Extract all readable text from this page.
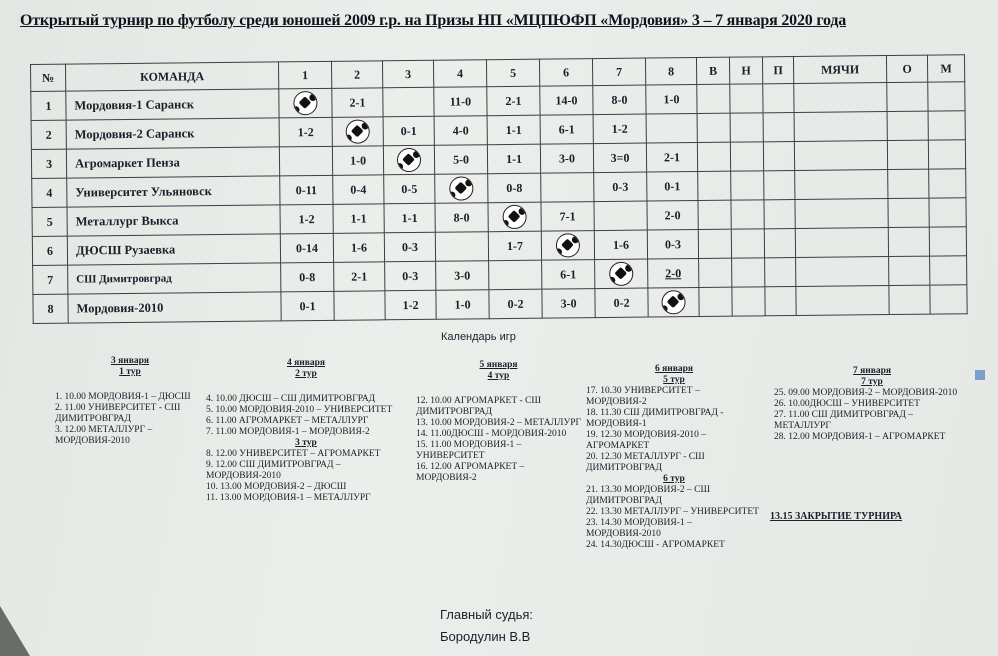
Открытый турнир по футболу среди юношей 2009 г.р. на Призы НП «МЦПЮФП «Мордовия» 3 – 7 января 2020 года
№	КОМАНДА	1	2	3	4	5	6	7	8	В	Н	П	МЯЧИ	О	М
1	Мордовия-1 Саранск		2-1		11-0	2-1	14-0	8-0	1-0						
2	Мордовия-2 Саранск	1-2		0-1	4-0	1-1	6-1	1-2							
3	Агромаркет Пенза		1-0		5-0	1-1	3-0	3=0	2-1						
4	Университет Ульяновск	0-11	0-4	0-5		0-8		0-3	0-1						
5	Металлург Выкса	1-2	1-1	1-1	8-0		7-1		2-0						
6	ДЮСШ Рузаевка	0-14	1-6	0-3		1-7		1-6	0-3						
7	СШ Димитровград	0-8	2-1	0-3	3-0		6-1		2-0						
8	Мордовия-2010	0-1		1-2	1-0	0-2	3-0	0-2							
Календарь игр
3 января
1 тур

1. 10.00 МОРДОВИЯ-1 – ДЮСШ

2. 11.00 УНИВЕРСИТЕТ - СШ ДИМИТРОВГРАД

3. 12.00 МЕТАЛЛУРГ – МОРДОВИЯ-2010

4 января
2 тур

4. 10.00 ДЮСШ – СШ ДИМИТРОВГРАД

5. 10.00 МОРДОВИЯ-2010 – УНИВЕРСИТЕТ

6. 11.00 АГРОМАРКЕТ – МЕТАЛЛУРГ

7. 11.00 МОРДОВИЯ-1 – МОРДОВИЯ-2

3 тур

8. 12.00 УНИВЕРСИТЕТ – АГРОМАРКЕТ

9. 12.00 СШ ДИМИТРОВГРАД – МОРДОВИЯ-2010

10. 13.00 МОРДОВИЯ-2 – ДЮСШ

11. 13.00 МОРДОВИЯ-1 – МЕТАЛЛУРГ

5 января
4 тур

12. 10.00 АГРОМАРКЕТ - СШ ДИМИТРОВГРАД

13. 10.00 МОРДОВИЯ-2 – МЕТАЛЛУРГ

14. 11.00ДЮСШ - МОРДОВИЯ-2010

15. 11.00 МОРДОВИЯ-1 – УНИВЕРСИТЕТ

16. 12.00 АГРОМАРКЕТ – МОРДОВИЯ-2

6 января
5 тур

17. 10.30 УНИВЕРСИТЕТ – МОРДОВИЯ-2

18. 11.30 СШ ДИМИТРОВГРАД - МОРДОВИЯ-1

19. 12.30 МОРДОВИЯ-2010 – АГРОМАРКЕТ

20. 12.30 МЕТАЛЛУРГ - СШ ДИМИТРОВГРАД

6 тур

21. 13.30 МОРДОВИЯ-2 – СШ ДИМИТРОВГРАД

22. 13.30 МЕТАЛЛУРГ – УНИВЕРСИТЕТ

23. 14.30 МОРДОВИЯ-1 – МОРДОВИЯ-2010

24. 14.30ДЮСШ - АГРОМАРКЕТ

7 января
7 тур

25. 09.00 МОРДОВИЯ-2 – МОРДОВИЯ-2010

26. 10.00ДЮСШ – УНИВЕРСИТЕТ

27. 11.00 СШ ДИМИТРОВГРАД – МЕТАЛЛУРГ

28. 12.00 МОРДОВИЯ-1 – АГРОМАРКЕТ

13.15 ЗАКРЫТИЕ ТУРНИРА
Главный судья:
Бородулин В.В
